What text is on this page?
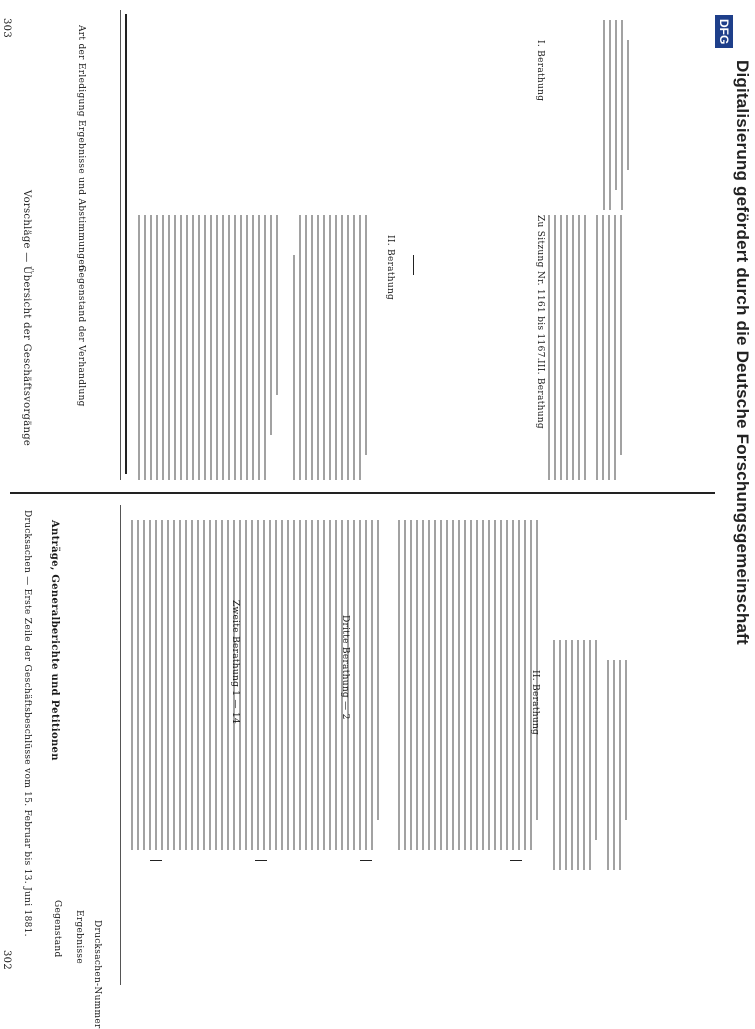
303
Vorschläge — Übersicht der Geschäftsvorgänge
302
Drucksachen — Erste Zeile der Geschäftsbeschlüsse vom 15. Februar bis 13. Juni 1881.
Drucksachen-Nummer
Gegenstand Ergebnisse
Anträge, Generalberichte und Petitionen
Gegenstand der Verhandlung
Ergebnisse und Abstimmungen
Art der Erledigung
II. Berathung
III. Berathung
Zu Sitzung Nr. 1161 bis 1167.
I. Berathung
Zweite Berathung 1 — 14	Dritte Berathung — 2	II. Berathung
DFG
Digitalisierung gefördert durch die Deutsche Forschungsgemeinschaft
